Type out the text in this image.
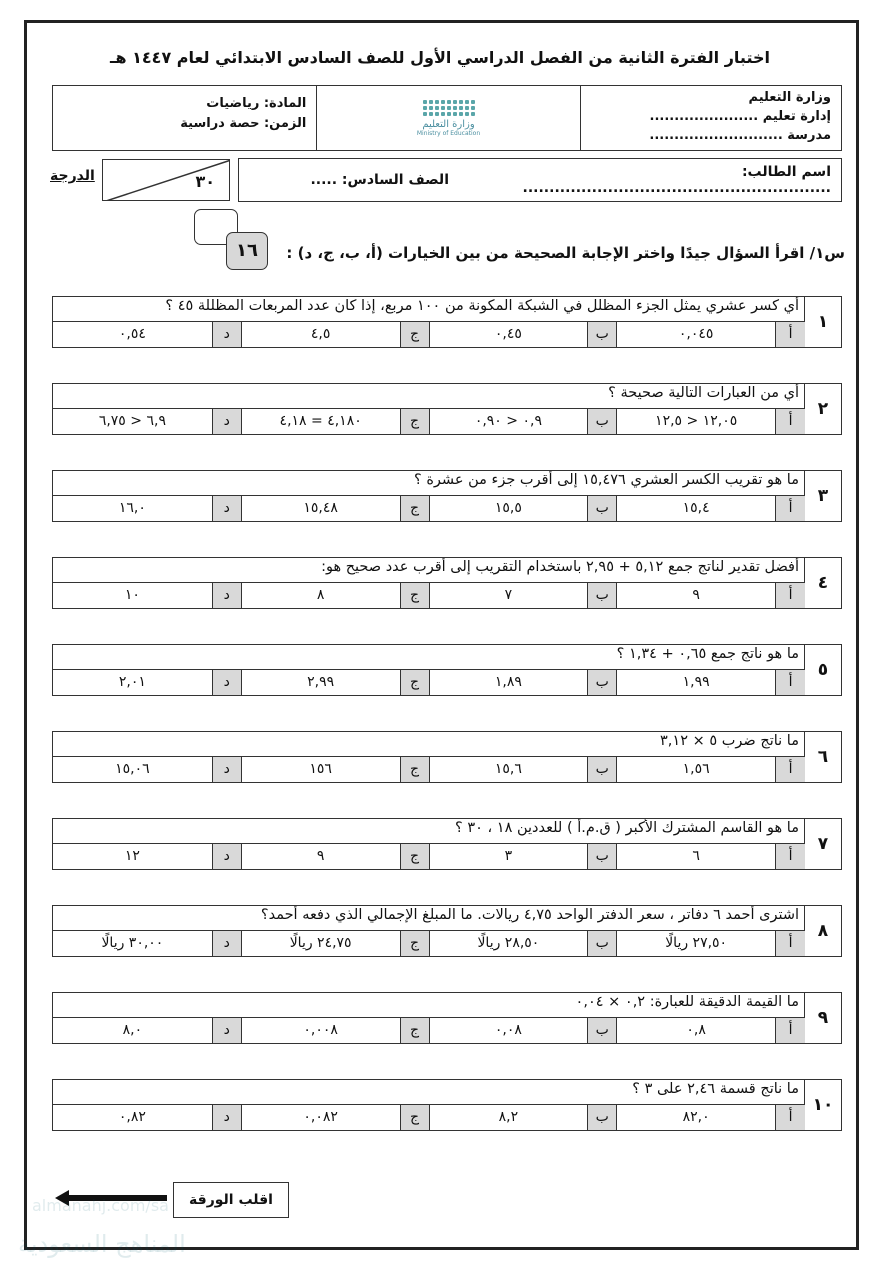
اختبار الفترة الثانية من الفصل الدراسي الأول للصف السادس الابتدائي لعام ١٤٤٧ هـ
وزارة التعليم
إدارة تعليم ......................
مدرسة ...........................
وزارة التعليم
Ministry of Education
المادة: رياضيات
الزمن: حصة دراسية
اسم الطالب: ..........................................................
الصف السادس: .....
الدرجة	٣٠
١٦	س١/ اقرأ السؤال جيدًا واختر الإجابة الصحيحة من بين الخيارات (أ، ب، ج، د) :
١
أي كسر عشري يمثل الجزء المظلل في الشبكة المكونة من ١٠٠ مربع، إذا كان عدد المربعات المظللة ٤٥ ؟
أ
٠,٠٤٥
ب
٠,٤٥
ج
٤,٥
د
٠,٥٤
٢
أي من العبارات التالية صحيحة ؟
أ
١٢,٠٥ < ١٢,٥
ب
٠,٩ < ٠,٩٠
ج
٤,١٨٠ = ٤,١٨
د
٦,٩ < ٦,٧٥
٣
ما هو تقريب الكسر العشري ١٥,٤٧٦ إلى أقرب جزء من عشرة ؟
أ
١٥,٤
ب
١٥,٥
ج
١٥,٤٨
د
١٦,٠
٤
أفضل تقدير لناتج جمع ٥,١٢ + ٢,٩٥ باستخدام التقريب إلى أقرب عدد صحيح هو:
أ
٩
ب
٧
ج
٨
د
١٠
٥
ما هو ناتج جمع ٠,٦٥ + ١,٣٤ ؟
أ
١,٩٩
ب
١,٨٩
ج
٢,٩٩
د
٢,٠١
٦
ما ناتج ضرب ٥ × ٣,١٢
أ
١,٥٦
ب
١٥,٦
ج
١٥٦
د
١٥,٠٦
٧
ما هو القاسم المشترك الأكبر ( ق.م.أ ) للعددين ١٨ ، ٣٠ ؟
أ
٦
ب
٣
ج
٩
د
١٢
٨
اشترى أحمد ٦ دفاتر ، سعر الدفتر الواحد ٤,٧٥ ريالات. ما المبلغ الإجمالي الذي دفعه أحمد؟
أ
٢٧,٥٠ ريالًا
ب
٢٨,٥٠ ريالًا
ج
٢٤,٧٥ ريالًا
د
٣٠,٠٠ ريالًا
٩
ما القيمة الدقيقة للعبارة: ٠,٢ × ٠,٠٤
أ
٠,٨
ب
٠,٠٨
ج
٠,٠٠٨
د
٨,٠
١٠
ما ناتج قسمة ٢,٤٦ على ٣ ؟
أ
٨٢,٠
ب
٨,٢
ج
٠,٠٨٢
د
٠,٨٢
اقلب الورقة
almanahj.com/sa
المناهج السعودية
